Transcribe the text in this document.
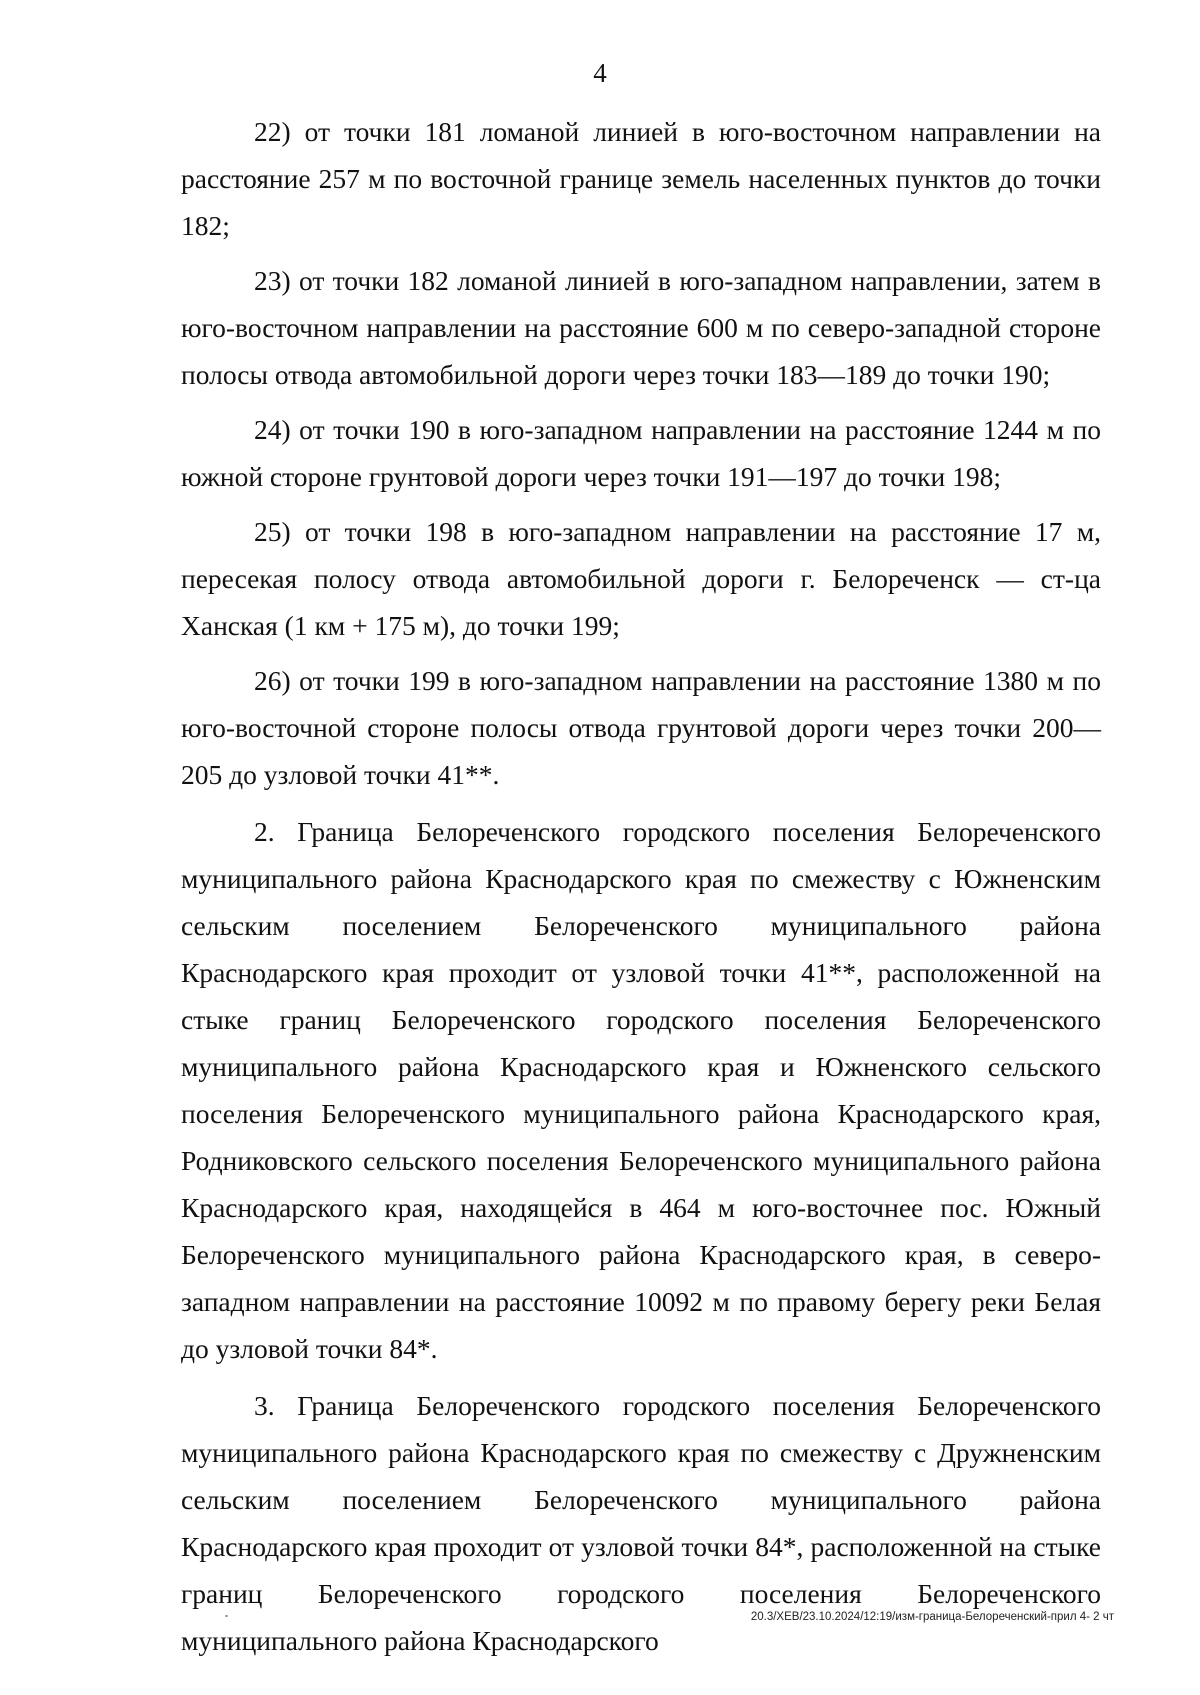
4

22) от точки 181 ломаной линией в юго-восточном направлении на расстояние 257 м по восточной границе земель населенных пунктов до точки 182;

23) от точки 182 ломаной линией в юго-западном направлении, затем в юго-восточном направлении на расстояние 600 м по северо-западной стороне полосы отвода автомобильной дороги через точки 183—189 до точки 190;

24) от точки 190 в юго-западном направлении на расстояние 1244 м по южной стороне грунтовой дороги через точки 191—197 до точки 198;

25) от точки 198 в юго-западном направлении на расстояние 17 м, пересекая полосу отвода автомобильной дороги г. Белореченск — ст-ца Ханская (1 км + 175 м), до точки 199;

26) от точки 199 в юго-западном направлении на расстояние 1380 м по юго-восточной стороне полосы отвода грунтовой дороги через точки 200—205 до узловой точки 41**.

2. Граница Белореченского городского поселения Белореченского муниципального района Краснодарского края по смежеству с Южненским сельским поселением Белореченского муниципального района Краснодарского края проходит от узловой точки 41**, расположенной на стыке границ Белореченского городского поселения Белореченского муниципального района Краснодарского края и Южненского сельского поселения Белореченского муниципального района Краснодарского края, Родниковского сельского поселения Белореченского муниципального района Краснодарского края, находящейся в 464 м юго-восточнее пос. Южный Белореченского муниципального района Краснодарского края, в северо-западном направлении на расстояние 10092 м по правому берегу реки Белая до узловой точки 84*.

3. Граница Белореченского городского поселения Белореченского муниципального района Краснодарского края по смежеству с Дружненским сельским поселением Белореченского муниципального района Краснодарского края проходит от узловой точки 84*, расположенной на стыке границ Белореченского городского поселения Белореченского муниципального района Краснодарского

20.3/ХЕВ/23.10.2024/12:19/изм-граница-Белореченский-прил 4- 2 чт
